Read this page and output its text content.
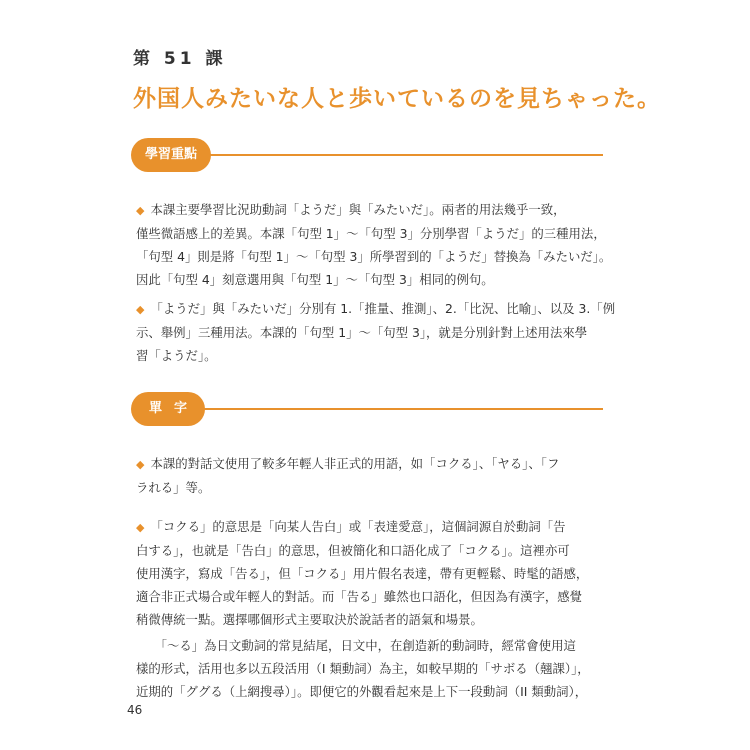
第 51 課
外国人みたいな人と歩いているのを見ちゃった。
學習重點
◆ 本課主要學習比況助動詞「ようだ」與「みたいだ」。兩者的用法幾乎一致，
僅些微語感上的差異。本課「句型 1」～「句型 3」分別學習「ようだ」的三種用法，
「句型 4」則是將「句型 1」～「句型 3」所學習到的「ようだ」替換為「みたいだ」。
因此「句型 4」刻意選用與「句型 1」～「句型 3」相同的例句。
◆ 「ようだ」與「みたいだ」分別有 1.「推量、推測」、2.「比況、比喻」、以及 3.「例
示、舉例」三種用法。本課的「句型 1」～「句型 3」，就是分別針對上述用法來學
習「ようだ」。
單字
◆ 本課的對話文使用了較多年輕人非正式的用語，如「コクる」、「ヤる」、「フ
ラれる」等。
◆ 「コクる」的意思是「向某人告白」或「表達愛意」，這個詞源自於動詞「告
白する」，也就是「告白」的意思，但被簡化和口語化成了「コクる」。這裡亦可
使用漢字，寫成「告る」，但「コクる」用片假名表達，帶有更輕鬆、時髦的語感，
適合非正式場合或年輕人的對話。而「告る」雖然也口語化，但因為有漢字，感覺
稍微傳統一點。選擇哪個形式主要取決於說話者的語氣和場景。
　　「～る」為日文動詞的常見結尾，日文中，在創造新的動詞時，經常會使用這
樣的形式，活用也多以五段活用（I 類動詞）為主，如較早期的「サボる（翹課）」，
近期的「ググる（上網搜尋）」。即便它的外觀看起來是上下一段動詞（II 類動詞），
46
